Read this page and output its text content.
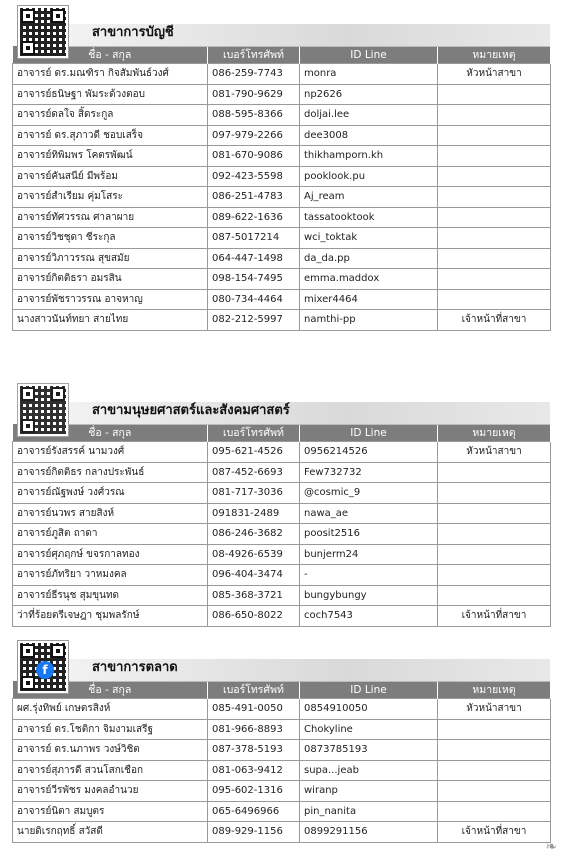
สาขาการบัญชี
ชื่อ - สกุล	เบอร์โทรศัพท์	ID Line	หมายเหตุ
อาจารย์ ดร.มณฑิรา กิจสัมพันธ์วงศ์	086-259-7743	monra	หัวหน้าสาขา
อาจารย์ธนิษฐา พัมระด้วงตอบ	081-790-9629	np2626	
อาจารย์ดลใจ สิ้ดระกูล	088-595-8366	doljai.lee	
อาจารย์ ดร.สุภาวดี ชอบเสร็จ	097-979-2266	dee3008	
อาจารย์ทิพิมพร โคตรพัฒน์	081-670-9086	thikhamporn.kh	
อาจารย์คันสนีย์ มีพร้อม	092-423-5598	pooklook.pu	
อาจารย์สำเรียม คุ่มโสระ	086-251-4783	Aj_ream	
อาจารย์ทัศวรรณ ศาลาผาย	089-622-1636	tassatooktook	
อาจารย์วิชชุดา ชีระกุล	087-5017214	wci_toktak	
อาจารย์วิภาวรรณ สุขสมัย	064-447-1498	da_da.pp	
อาจารย์กิตติธรา อมรสิน	098-154-7495	emma.maddox	
อาจารย์พัชราวรรณ อาจหาญ	080-734-4464	mixer4464	
นางสาวนันท์ทยา สายไทย	082-212-5997	namthi-pp	เจ้าหน้าที่สาขา
สาขามนุษยศาสตร์และสังคมศาสตร์
ชื่อ - สกุล	เบอร์โทรศัพท์	ID Line	หมายเหตุ
อาจารย์รังสรรค์ นามวงศ์	095-621-4526	0956214526	หัวหน้าสาขา
อาจารย์กิตติธร กลางประพันธ์	087-452-6693	Few732732	
อาจารย์ณัฐพงษ์ วงศ์วรณ	081-717-3036	@cosmic_9	
อาจารย์นวพร สายสิงห์	091831-2489	nawa_ae	
อาจารย์ภูสิต ถาดา	086-246-3682	poosit2516	
อาจารย์ศุภฤกษ์ ขจรกาลทอง	08-4926-6539	bunjerm24	
อาจารย์ภัทริยา วาหมงคล	096-404-3474	-	
อาจารย์ธีรนุช สุมขุนทด	085-368-3721	bungybungy	
ว่าที่ร้อยตรีเจษฎา ชุมพลรักษ์	086-650-8022	coch7543	เจ้าหน้าที่สาขา
f	สาขาการตลาด
ชื่อ - สกุล	เบอร์โทรศัพท์	ID Line	หมายเหตุ
ผศ.รุ่งทิพย์ เกษตรสิงห์	085-491-0050	0854910050	หัวหน้าสาขา
อาจารย์ ดร.โชติกา จิมงามเสรีฐ	081-966-8893	Chokyline	
อาจารย์ ดร.นภาพร วงษ์วิชิต	087-378-5193	0873785193	
อาจารย์สุภารดี สวนโสกเชือก	081-063-9412	supa...jeab	
อาจารย์วีรพัชร มงคลอำนวย	095-602-1316	wiranp	
อาจารย์นิตา สมบูตร	065-6496966	pin_nanita	
นายดิเรกฤทธิ์ สวัสดี	089-929-1156	0899291156	เจ้าหน้าที่สาขา
❧
